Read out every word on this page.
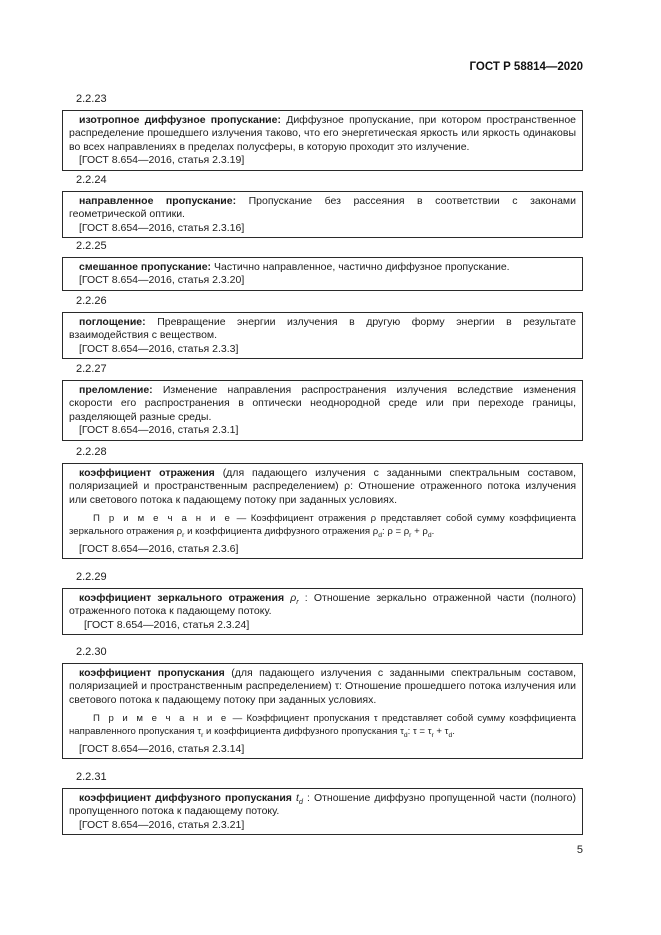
ГОСТ Р 58814—2020
2.2.23

изотропное диффузное пропускание: Диффузное пропускание, при котором пространственное распределение прошедшего излучения таково, что его энергетическая яркость или яркость одинаковы во всех направлениях в пределах полусферы, в которую проходит это излучение.

[ГОСТ 8.654—2016, статья 2.3.19]

2.2.24

направленное пропускание: Пропускание без рассеяния в соответствии с законами геометрической оптики.

[ГОСТ 8.654—2016, статья 2.3.16]

2.2.25

смешанное пропускание: Частично направленное, частично диффузное пропускание.

[ГОСТ 8.654—2016, статья 2.3.20]

2.2.26

поглощение: Превращение энергии излучения в другую форму энергии в результате взаимодействия с веществом.

[ГОСТ 8.654—2016, статья 2.3.3]

2.2.27

преломление: Изменение направления распространения излучения вследствие изменения скорости его распространения в оптически неоднородной среде или при переходе границы, разделяющей разные среды.

[ГОСТ 8.654—2016, статья 2.3.1]

2.2.28

коэффициент отражения (для падающего излучения с заданными спектральным составом, поляризацией и пространственным распределением) ρ: Отношение отраженного потока излучения или светового потока к падающему потоку при заданных условиях.

П р и м е ч а н и е — Коэффициент отражения ρ представляет собой сумму коэффициента зеркального отражения $\rho_r$ и коэффициента диффузного отражения $\rho_d$: $\rho = \rho_r + \rho_d$.

[ГОСТ 8.654—2016, статья 2.3.6]

2.2.29

коэффициент зеркального отражения $\rho_r$ : Отношение зеркально отраженной части (полного) отраженного потока к падающему потоку.

[ГОСТ 8.654—2016, статья 2.3.24]

2.2.30

коэффициент пропускания (для падающего излучения с заданными спектральным составом, поляризацией и пространственным распределением) τ: Отношение прошедшего потока излучения или светового потока к падающему потоку при заданных условиях.

П р и м е ч а н и е — Коэффициент пропускания τ представляет собой сумму коэффициента направленного пропускания $\tau_r$ и коэффициента диффузного пропускания $\tau_d$: $\tau = \tau_r + \tau_d$.

[ГОСТ 8.654—2016, статья 2.3.14]

2.2.31

коэффициент диффузного пропускания $t_d$ : Отношение диффузно пропущенной части (полного) пропущенного потока к падающему потоку.

[ГОСТ 8.654—2016, статья 2.3.21]

5
